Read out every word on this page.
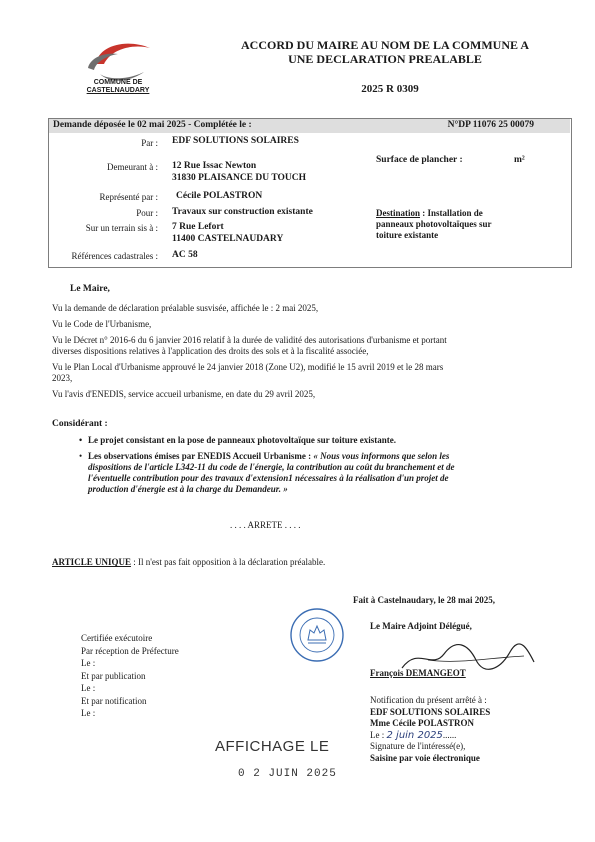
COMMUNE DE
CASTELNAUDARY
ACCORD DU MAIRE AU NOM DE LA COMMUNE A
UNE DECLARATION PREALABLE
2025 R 0309
Demande déposée le 02 mai 2025 - Complétée le :	N°DP 11076 25 00079
Par : EDF SOLUTIONS SOLAIRES
Demeurant à : 12 Rue Issac Newton
31830 PLAISANCE DU TOUCH
Représenté par : Cécile POLASTRON
Pour : Travaux sur construction existante
Sur un terrain sis à : 7 Rue Lefort
11400 CASTELNAUDARY
Références cadastrales : AC 58
Surface de plancher :	m²
Destination : Installation de
panneaux photovoltaïques sur
toiture existante
Le Maire,
Vu la demande de déclaration préalable susvisée, affichée le : 2 mai 2025,
Vu le Code de l'Urbanisme,
Vu le Décret n° 2016-6 du 6 janvier 2016 relatif à la durée de validité des autorisations d'urbanisme et portant
diverses dispositions relatives à l'application des droits des sols et à la fiscalité associée,
Vu le Plan Local d'Urbanisme approuvé le 24 janvier 2018 (Zone U2), modifié le 15 avril 2019 et le 28 mars
2023,
Vu l'avis d'ENEDIS, service accueil urbanisme, en date du 29 avril 2025,
Considérant :
• Le projet consistant en la pose de panneaux photovoltaïque sur toiture existante.
• Les observations émises par ENEDIS Accueil Urbanisme : « Nous vous informons que selon les
dispositions de l'article L342-11 du code de l'énergie, la contribution au coût du branchement et de
l'éventuelle contribution pour des travaux d'extension1 nécessaires à la réalisation d'un projet de
production d'énergie est à la charge du Demandeur. »
. . . . ARRETE . . . .
ARTICLE UNIQUE : Il n'est pas fait opposition à la déclaration préalable.
Fait à Castelnaudary, le 28 mai 2025,
Le Maire Adjoint Délégué,
François DEMANGEOT
Certifiée exécutoire
Par réception de Préfecture
Le :
Et par publication
Le :
Et par notification
Le :
Notification du présent arrêté à :
EDF SOLUTIONS SOLAIRES
Mme Cécile POLASTRON
Le : 2 juin 2025......
Signature de l'intéressé(e),
Saisine par voie électronique
AFFICHAGE LE
0 2 JUIN 2025
